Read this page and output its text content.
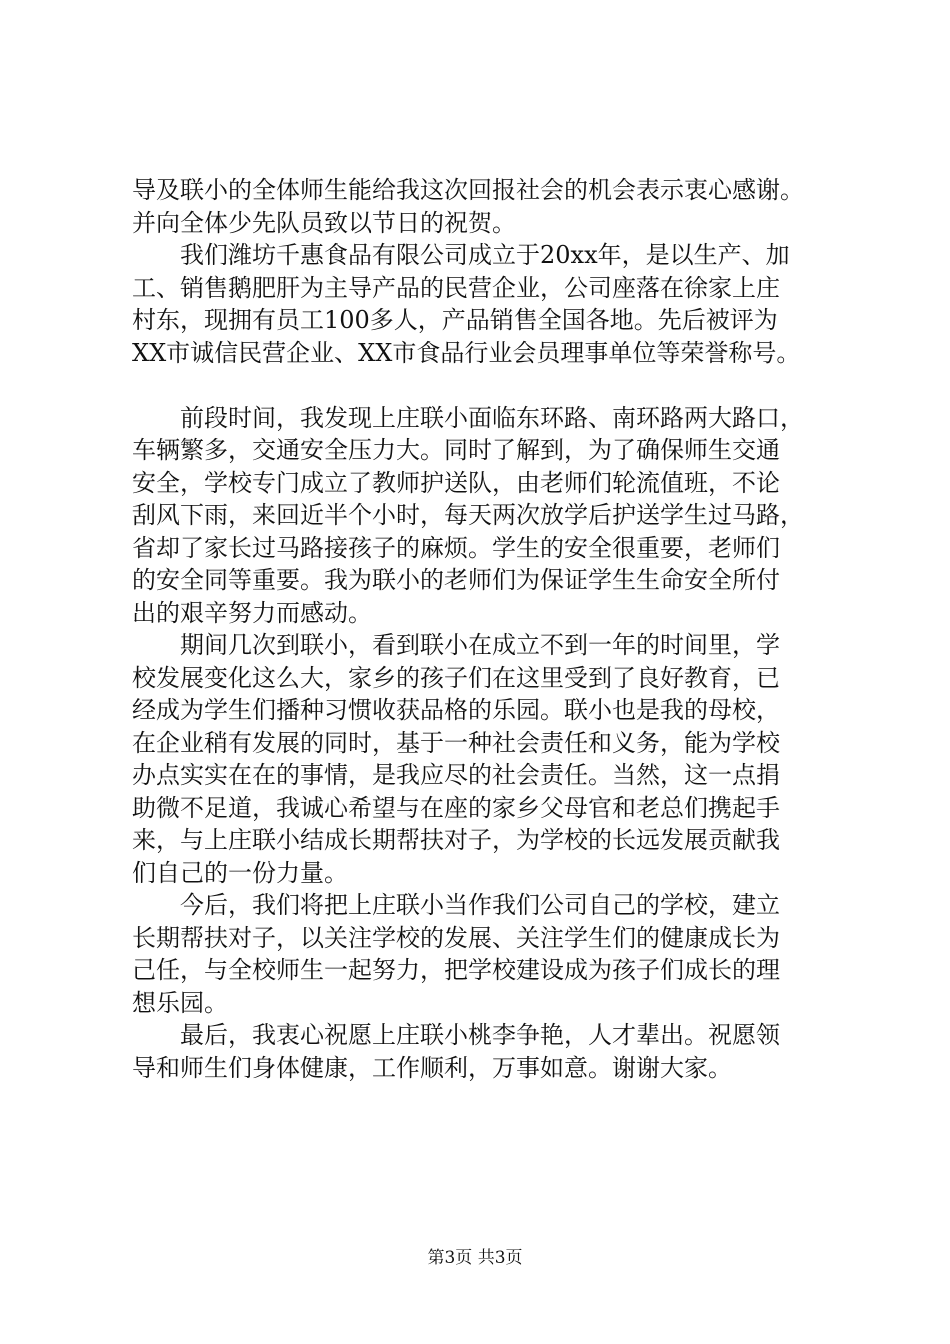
导及联小的全体师生能给我这次回报社会的机会表示衷心感谢。
并向全体少先队员致以节日的祝贺。

　　我们潍坊千惠食品有限公司成立于20xx年，是以生产、加
工、销售鹅肥肝为主导产品的民营企业，公司座落在徐家上庄
村东，现拥有员工100多人，产品销售全国各地。先后被评为
XX市诚信民营企业、XX市食品行业会员理事单位等荣誉称号。

　　前段时间，我发现上庄联小面临东环路、南环路两大路口，
车辆繁多，交通安全压力大。同时了解到，为了确保师生交通
安全，学校专门成立了教师护送队，由老师们轮流值班，不论
刮风下雨，来回近半个小时，每天两次放学后护送学生过马路，
省却了家长过马路接孩子的麻烦。学生的安全很重要，老师们
的安全同等重要。我为联小的老师们为保证学生生命安全所付
出的艰辛努力而感动。

　　期间几次到联小，看到联小在成立不到一年的时间里，学
校发展变化这么大，家乡的孩子们在这里受到了良好教育，已
经成为学生们播种习惯收获品格的乐园。联小也是我的母校，
在企业稍有发展的同时，基于一种社会责任和义务，能为学校
办点实实在在的事情，是我应尽的社会责任。当然，这一点捐
助微不足道，我诚心希望与在座的家乡父母官和老总们携起手
来，与上庄联小结成长期帮扶对子，为学校的长远发展贡献我
们自己的一份力量。

　　今后，我们将把上庄联小当作我们公司自己的学校，建立
长期帮扶对子，以关注学校的发展、关注学生们的健康成长为
己任，与全校师生一起努力，把学校建设成为孩子们成长的理
想乐园。

　　最后，我衷心祝愿上庄联小桃李争艳，人才辈出。祝愿领
导和师生们身体健康，工作顺利，万事如意。谢谢大家。

第3页 共3页
